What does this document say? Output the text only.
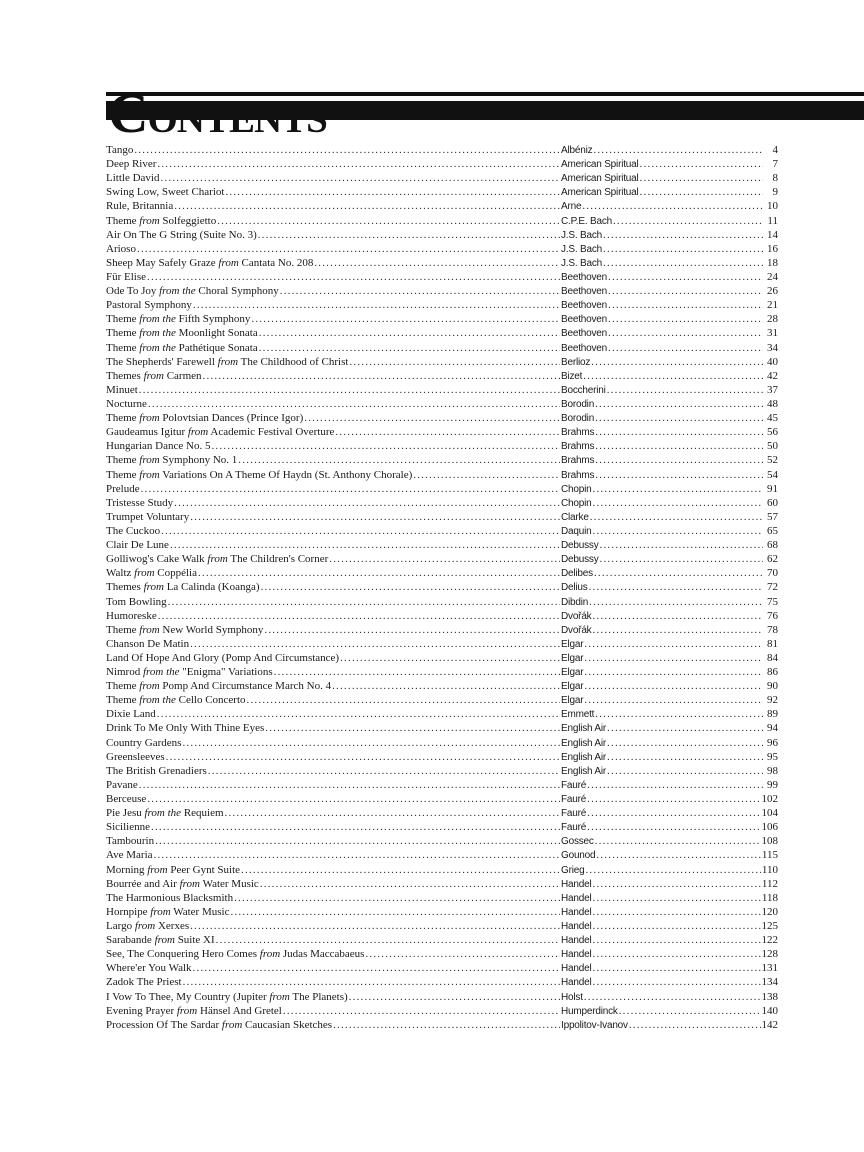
Tango .....	Albéniz .....	4
Deep River .....	American Spiritual .....	7
Little David .....	American Spiritual .....	8
Swing Low, Sweet Chariot .....	American Spiritual .....	9
Rule, Britannia .....	Arne .....	10
Theme from Solfeggietto .....	C.P.E. Bach .....	11
Air On The G String (Suite No. 3) .....	J.S. Bach .....	14
Arioso .....	J.S. Bach .....	16
Sheep May Safely Graze from Cantata No. 208 .....	J.S. Bach .....	18
Für Elise .....	Beethoven .....	24
Ode To Joy from the Choral Symphony .....	Beethoven .....	26
Pastoral Symphony .....	Beethoven .....	21
Theme from the Fifth Symphony .....	Beethoven .....	28
Theme from the Moonlight Sonata .....	Beethoven .....	31
Theme from the Pathétique Sonata .....	Beethoven .....	34
The Shepherds' Farewell from The Childhood of Christ .....	Berlioz .....	40
Themes from Carmen .....	Bizet .....	42
Minuet .....	Boccherini .....	37
Nocturne .....	Borodin .....	48
Theme from Polovtsian Dances (Prince Igor) .....	Borodin .....	45
Gaudeamus Igitur from Academic Festival Overture .....	Brahms .....	56
Hungarian Dance No. 5 .....	Brahms .....	50
Theme from Symphony No. 1 .....	Brahms .....	52
Theme from Variations On A Theme Of Haydn (St. Anthony Chorale) .....	Brahms .....	54
Prelude .....	Chopin .....	91
Tristesse Study .....	Chopin .....	60
Trumpet Voluntary .....	Clarke .....	57
The Cuckoo .....	Daquin .....	65
Clair De Lune .....	Debussy .....	68
Golliwog's Cake Walk from The Children's Corner .....	Debussy .....	62
Waltz from Coppélia .....	Delibes .....	70
Themes from La Calinda (Koanga) .....	Delius .....	72
Tom Bowling .....	Dibdin .....	75
Humoreske .....	Dvořák .....	76
Theme from New World Symphony .....	Dvořák .....	78
Chanson De Matin .....	Elgar .....	81
Land Of Hope And Glory (Pomp And Circumstance) .....	Elgar .....	84
Nimrod from the "Enigma" Variations .....	Elgar .....	86
Theme from Pomp And Circumstance March No. 4 .....	Elgar .....	90
Theme from the Cello Concerto .....	Elgar .....	92
Dixie Land .....	Emmett .....	89
Drink To Me Only With Thine Eyes .....	English Air .....	94
Country Gardens .....	English Air .....	96
Greensleeves .....	English Air .....	95
The British Grenadiers .....	English Air .....	98
Pavane .....	Fauré .....	99
Berceuse .....	Fauré .....	102
Pie Jesu from the Requiem .....	Fauré .....	104
Sicilienne .....	Fauré .....	106
Tambourin .....	Gossec .....	108
Ave Maria .....	Gounod .....	115
Morning from Peer Gynt Suite .....	Grieg .....	110
Bourrée and Air from Water Music .....	Handel .....	112
The Harmonious Blacksmith .....	Handel .....	118
Hornpipe from Water Music .....	Handel .....	120
Largo from Xerxes .....	Handel .....	125
Sarabande from Suite XI .....	Handel .....	122
See, The Conquering Hero Comes from Judas Maccabaeus .....	Handel .....	128
Where'er You Walk .....	Handel .....	131
Zadok The Priest .....	Handel .....	134
I Vow To Thee, My Country (Jupiter from The Planets) .....	Holst .....	138
Evening Prayer from Hänsel And Gretel .....	Humperdinck .....	140
Procession Of The Sardar from Caucasian Sketches .....	Ippolitov-Ivanov .....	142
